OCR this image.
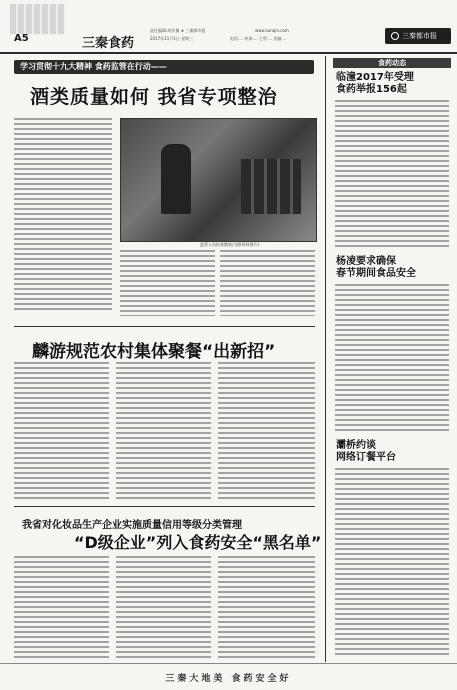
A5	三秦食药
责任编辑:胡亚楠 ★ 三秦都市报
2017年11月1日 星期三
www.sanqin.com
电话:... 传真:... 主管:... 美编:...	三秦都市报
学习贯彻十九大精神 食药监管在行动——
酒类质量如何 我省专项整治
监管人员检查散装白酒(资料图片)
麟游规范农村集体聚餐“出新招”
我省对化妆品生产企业实施质量信用等级分类管理
“D级企业”列入食药安全“黑名单”
食药动态
临潼2017年受理
食药举报156起
杨凌要求确保
春节期间食品安全
灞桥约谈
网络订餐平台
三秦大地美 食药安全好
